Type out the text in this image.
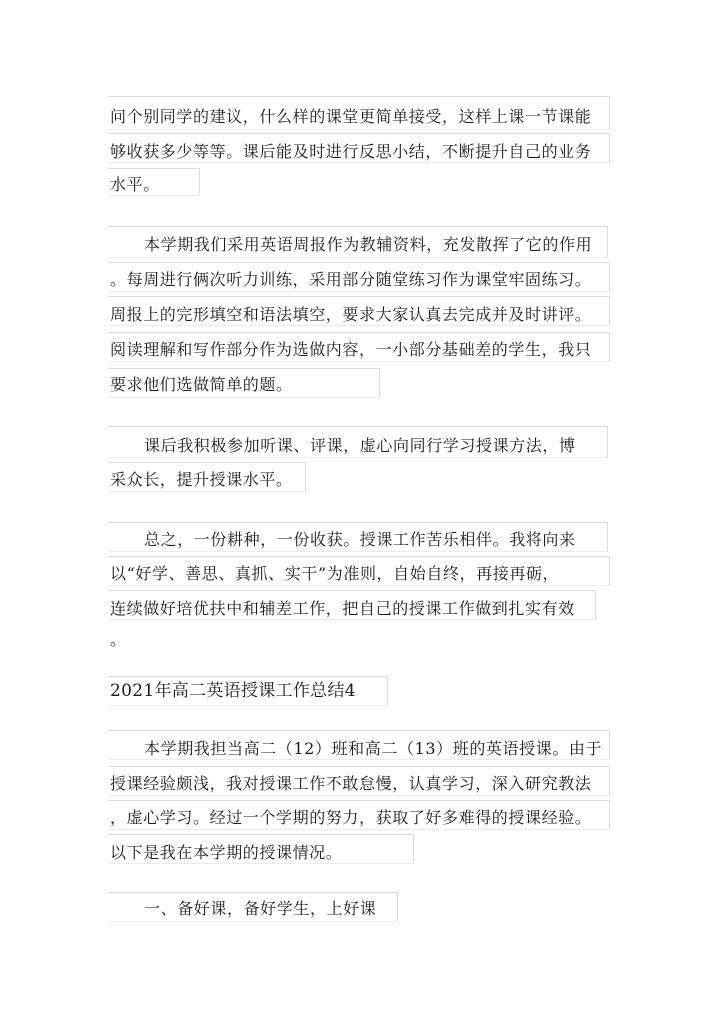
问个别同学的建议，什么样的课堂更简单接受，这样上课一节课能
够收获多少等等。课后能及时进行反思小结，不断提升自己的业务
水平。
本学期我们采用英语周报作为教辅资料，充发散挥了它的作用
。每周进行俩次听力训练，采用部分随堂练习作为课堂牢固练习。
周报上的完形填空和语法填空，要求大家认真去完成并及时讲评。
阅读理解和写作部分作为选做内容，一小部分基础差的学生，我只
要求他们选做简单的题。
课后我积极参加听课、评课，虚心向同行学习授课方法，博
采众长，提升授课水平。
总之，一份耕种，一份收获。授课工作苦乐相伴。我将向来
以“好学、善思、真抓、实干”为准则，自始自终，再接再砺，
连续做好培优扶中和辅差工作，把自己的授课工作做到扎实有效
。
2021年高二英语授课工作总结4
本学期我担当高二（12）班和高二（13）班的英语授课。由于
授课经验颇浅，我对授课工作不敢怠慢，认真学习，深入研究教法
，虚心学习。经过一个学期的努力，获取了好多难得的授课经验。
以下是我在本学期的授课情况。
一、备好课，备好学生，上好课
